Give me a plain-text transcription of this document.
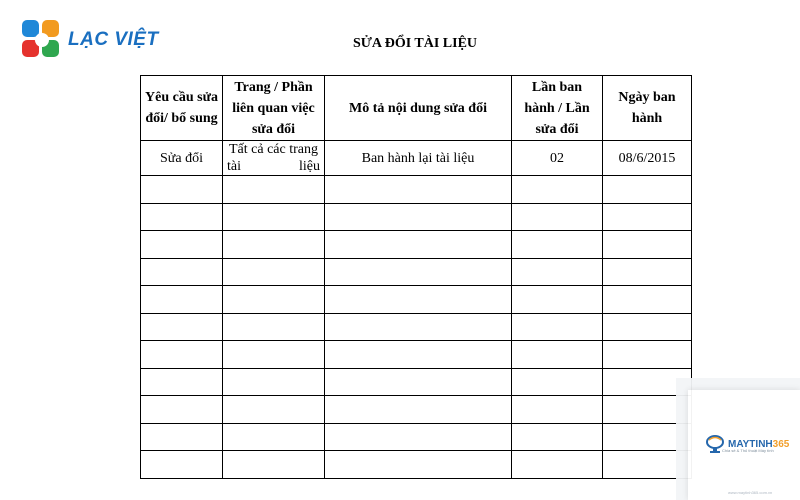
LẠC VIỆT	SỬA ĐỔI TÀI LIỆU
Yêu cầu sửa đổi/ bổ sung	Trang / Phần liên quan việc sửa đổi	Mô tả nội dung sửa đổi	Lần ban hành / Lần sửa đổi	Ngày ban hành
Sửa đổi	Tất cả các trang tài liệu	Ban hành lại tài liệu	02	08/6/2015

MAYTINH365
Chia sẻ & Thủ thuật Máy tính
www.maytinh365.com.vn
